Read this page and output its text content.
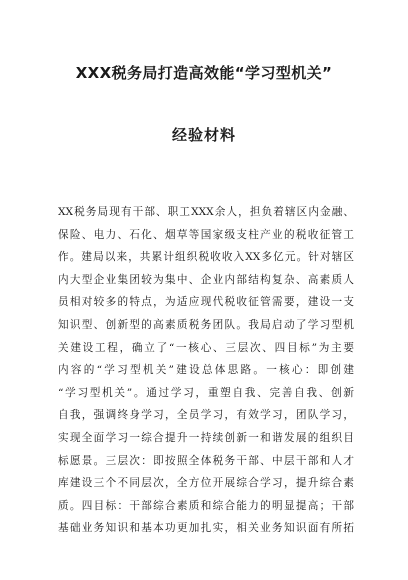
XXX税务局打造高效能“学习型机关”
经验材料
XX税务局现有干部、职工XXX余人，担负着辖区内金融、
保险、电力、石化、烟草等国家级支柱产业的税收征管工
作。建局以来，共累计组织税收收入XX多亿元。针对辖区
内大型企业集团较为集中、企业内部结构复杂、高素质人
员相对较多的特点，为适应现代税收征管需要，建设一支
知识型、创新型的高素质税务团队。我局启动了学习型机
关建设工程，确立了“一核心、三层次、四目标”为主要
内容的“学习型机关”建设总体思路。一核心：即创建
“学习型机关”。通过学习，重塑自我、完善自我、创新
自我，强调终身学习，全员学习，有效学习，团队学习，
实现全面学习一综合提升一持续创新一和谐发展的组织目
标愿景。三层次：即按照全体税务干部、中层干部和人才
库建设三个不同层次，全方位开展综合学习，提升综合素
质。四目标：干部综合素质和综合能力的明显提高；干部
基础业务知识和基本功更加扎实，相关业务知识面有所拓
